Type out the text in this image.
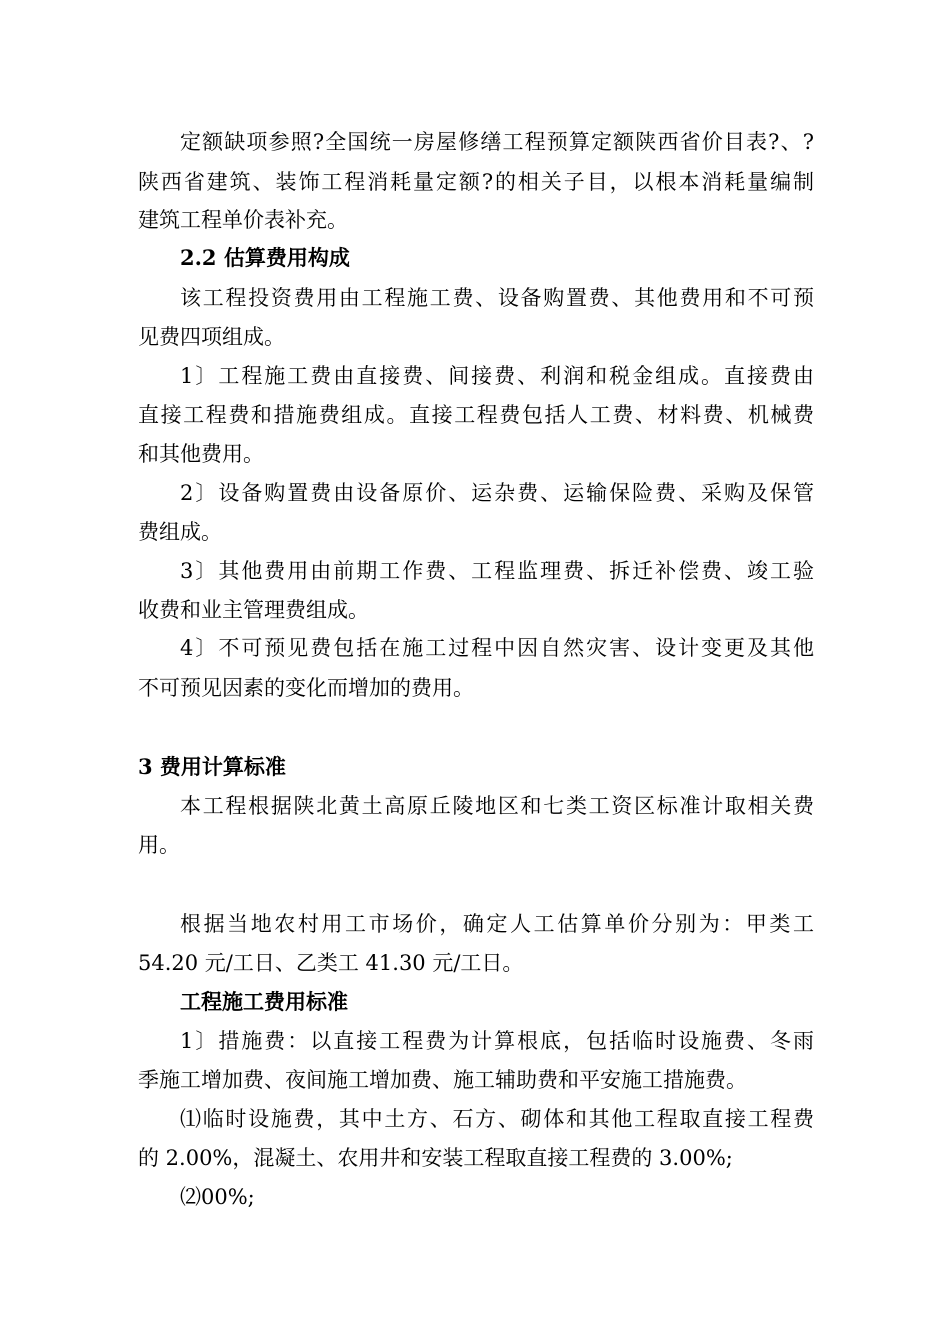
定额缺项参照?全国统一房屋修缮工程预算定额陕西省价目表?、?
陕西省建筑、装饰工程消耗量定额?的相关子目，以根本消耗量编制
建筑工程单价表补充。
2.2 估算费用构成
该工程投资费用由工程施工费、设备购置费、其他费用和不可预
见费四项组成。
1〕工程施工费由直接费、间接费、利润和税金组成。直接费由
直接工程费和措施费组成。直接工程费包括人工费、材料费、机械费
和其他费用。
2〕设备购置费由设备原价、运杂费、运输保险费、采购及保管
费组成。
3〕其他费用由前期工作费、工程监理费、拆迁补偿费、竣工验
收费和业主管理费组成。
4〕不可预见费包括在施工过程中因自然灾害、设计变更及其他
不可预见因素的变化而增加的费用。
3 费用计算标准
本工程根据陕北黄土高原丘陵地区和七类工资区标准计取相关费
用。
根据当地农村用工市场价，确定人工估算单价分别为：甲类工
54.20 元/工日、乙类工 41.30 元/工日。
工程施工费用标准
1〕措施费：以直接工程费为计算根底，包括临时设施费、冬雨
季施工增加费、夜间施工增加费、施工辅助费和平安施工措施费。
⑴临时设施费，其中土方、石方、砌体和其他工程取直接工程费
的 2.00%，混凝土、农用井和安装工程取直接工程费的 3.00%;
⑵00%;
